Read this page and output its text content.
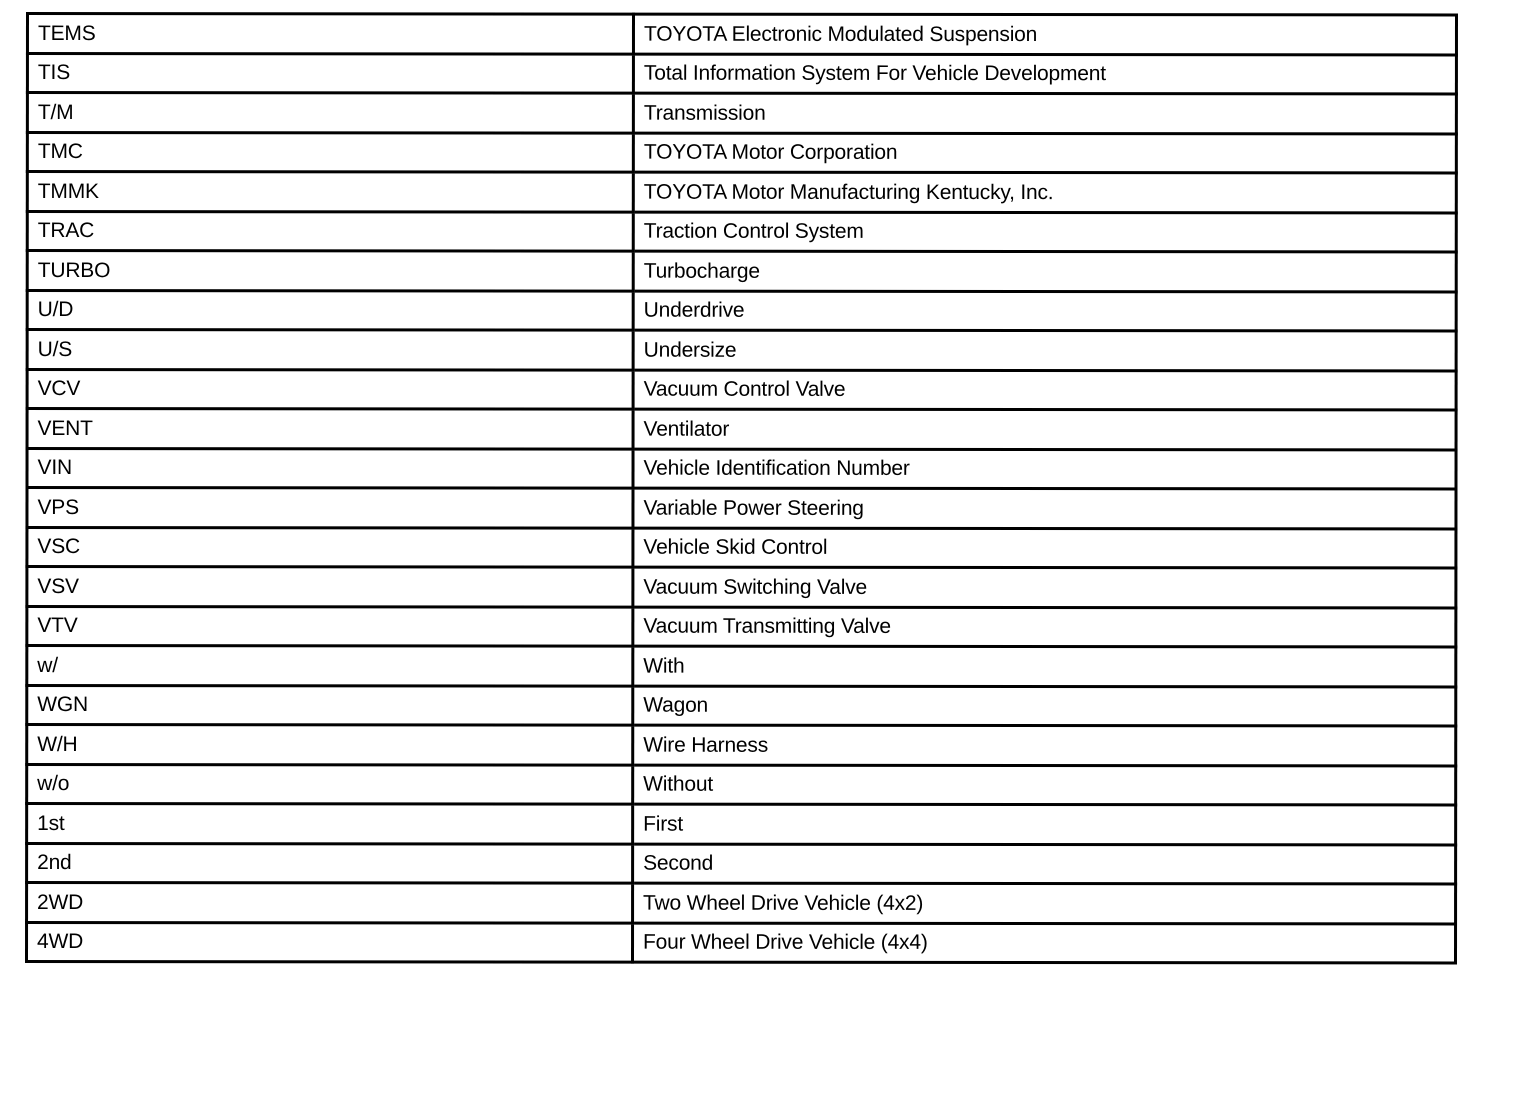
TEMS	TOYOTA Electronic Modulated Suspension
TIS	Total Information System For Vehicle Development
T/M	Transmission
TMC	TOYOTA Motor Corporation
TMMK	TOYOTA Motor Manufacturing Kentucky, Inc.
TRAC	Traction Control System
TURBO	Turbocharge
U/D	Underdrive
U/S	Undersize
VCV	Vacuum Control Valve
VENT	Ventilator
VIN	Vehicle Identification Number
VPS	Variable Power Steering
VSC	Vehicle Skid Control
VSV	Vacuum Switching Valve
VTV	Vacuum Transmitting Valve
w/	With
WGN	Wagon
W/H	Wire Harness
w/o	Without
1st	First
2nd	Second
2WD	Two Wheel Drive Vehicle (4x2)
4WD	Four Wheel Drive Vehicle (4x4)
